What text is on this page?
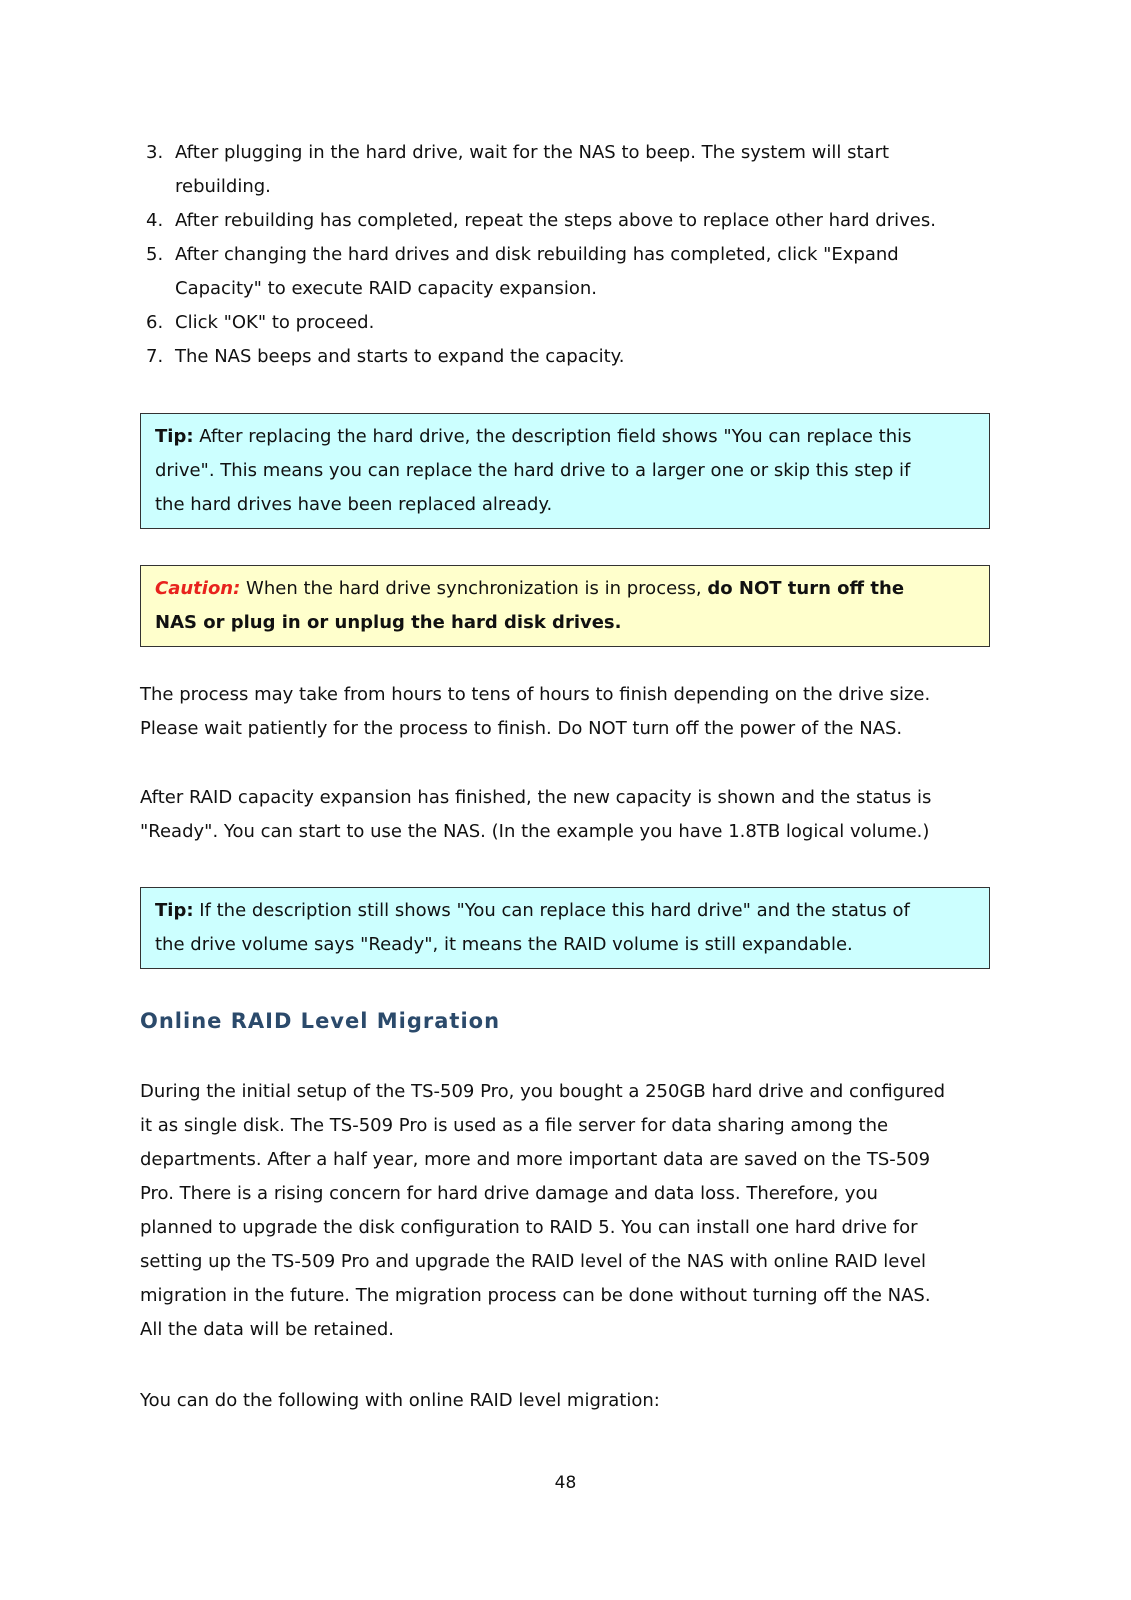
3. After plugging in the hard drive, wait for the NAS to beep. The system will start
rebuilding.
4. After rebuilding has completed, repeat the steps above to replace other hard drives.
5. After changing the hard drives and disk rebuilding has completed, click "Expand
Capacity" to execute RAID capacity expansion.
6. Click "OK" to proceed.
7. The NAS beeps and starts to expand the capacity.
Tip: After replacing the hard drive, the description field shows "You can replace this
drive". This means you can replace the hard drive to a larger one or skip this step if
the hard drives have been replaced already.
Caution: When the hard drive synchronization is in process, do NOT turn off the
NAS or plug in or unplug the hard disk drives.

The process may take from hours to tens of hours to finish depending on the drive size.
Please wait patiently for the process to finish. Do NOT turn off the power of the NAS.

After RAID capacity expansion has finished, the new capacity is shown and the status is
"Ready". You can start to use the NAS. (In the example you have 1.8TB logical volume.)

Tip: If the description still shows "You can replace this hard drive" and the status of
the drive volume says "Ready", it means the RAID volume is still expandable.
Online RAID Level Migration

During the initial setup of the TS-509 Pro, you bought a 250GB hard drive and configured
it as single disk. The TS-509 Pro is used as a file server for data sharing among the
departments. After a half year, more and more important data are saved on the TS-509
Pro. There is a rising concern for hard drive damage and data loss. Therefore, you
planned to upgrade the disk configuration to RAID 5. You can install one hard drive for
setting up the TS-509 Pro and upgrade the RAID level of the NAS with online RAID level
migration in the future. The migration process can be done without turning off the NAS.
All the data will be retained.

You can do the following with online RAID level migration:

48
